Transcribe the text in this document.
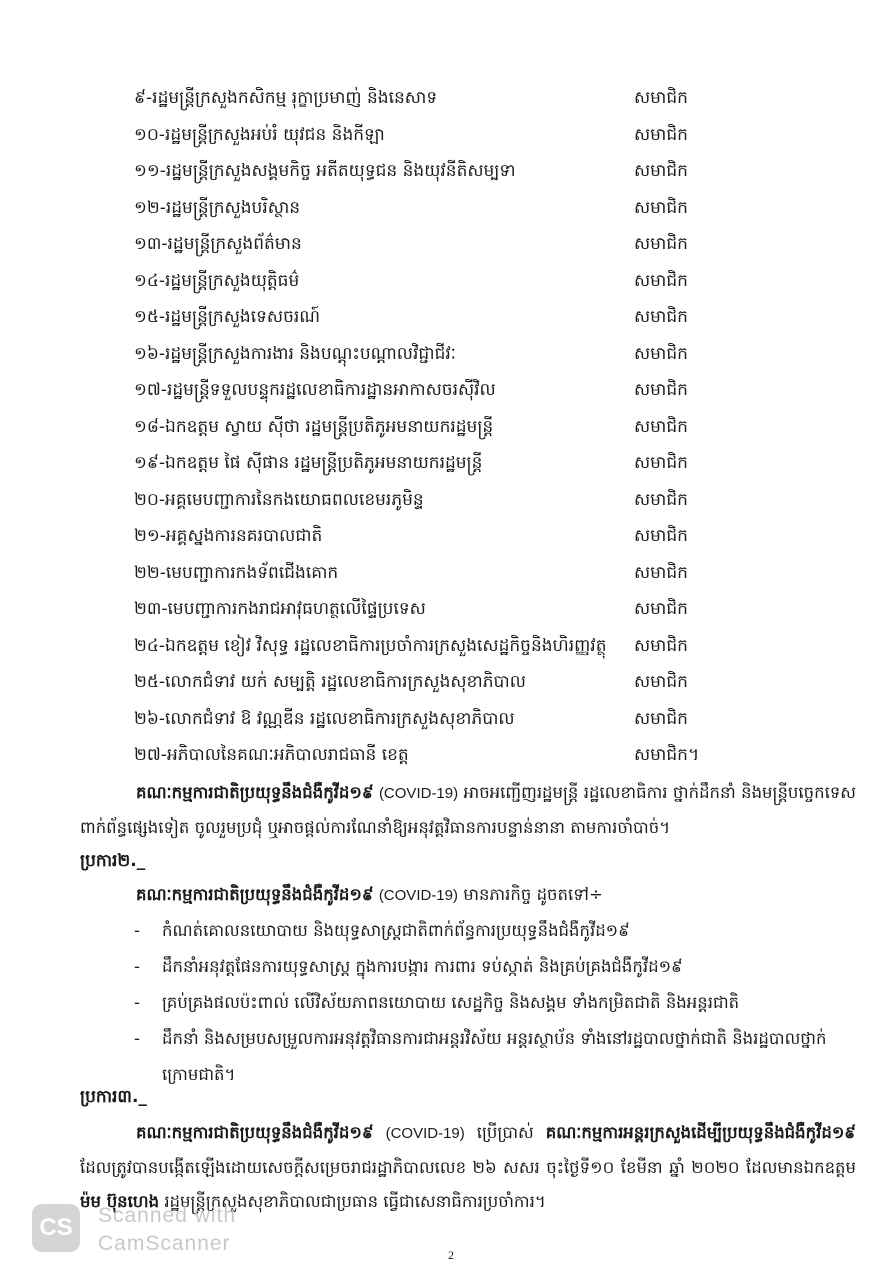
៩-រដ្ឋមន្ត្រីក្រសួងកសិកម្ម រុក្ខាប្រមាញ់ និងនេសាទ	សមាជិក
១០-រដ្ឋមន្ត្រីក្រសួងអប់រំ យុវជន និងកីឡា	សមាជិក
១១-រដ្ឋមន្ត្រីក្រសួងសង្គមកិច្ច អតីតយុទ្ធជន និងយុវនីតិសម្បទា	សមាជិក
១២-រដ្ឋមន្ត្រីក្រសួងបរិស្ថាន	សមាជិក
១៣-រដ្ឋមន្ត្រីក្រសួងព័ត៌មាន	សមាជិក
១៤-រដ្ឋមន្ត្រីក្រសួងយុត្តិធម៌	សមាជិក
១៥-រដ្ឋមន្ត្រីក្រសួងទេសចរណ៍	សមាជិក
១៦-រដ្ឋមន្ត្រីក្រសួងការងារ និងបណ្តុះបណ្តាលវិជ្ជាជីវៈ	សមាជិក
១៧-រដ្ឋមន្ត្រីទទួលបន្ទុករដ្ឋលេខាធិការដ្ឋានអាកាសចរស៊ីវិល	សមាជិក
១៨-ឯកឧត្តម ស្វាយ ស៊ីថា រដ្ឋមន្ត្រីប្រតិភូអមនាយករដ្ឋមន្ត្រី	សមាជិក
១៩-ឯកឧត្តម ផៃ ស៊ីផាន រដ្ឋមន្ត្រីប្រតិភូអមនាយករដ្ឋមន្ត្រី	សមាជិក
២០-អគ្គមេបញ្ជាការនៃកងយោធពលខេមរភូមិន្ទ	សមាជិក
២១-អគ្គស្នងការនគរបាលជាតិ	សមាជិក
២២-មេបញ្ជាការកងទ័ពជើងគោក	សមាជិក
២៣-មេបញ្ជាការកងរាជអាវុធហត្ថលើផ្ទៃប្រទេស	សមាជិក
២៤-ឯកឧត្តម ខៀវ វិសុទ្ធ រដ្ឋលេខាធិការប្រចាំការក្រសួងសេដ្ឋកិច្ចនិងហិរញ្ញវត្ថុ សមាជិក
២៥-លោកជំទាវ យក់ សម្បត្តិ រដ្ឋលេខាធិការក្រសួងសុខាភិបាល	សមាជិក
២៦-លោកជំទាវ ឱ វណ្ណឌីន រដ្ឋលេខាធិការក្រសួងសុខាភិបាល	សមាជិក
២៧-អភិបាលនៃគណៈអភិបាលរាជធានី ខេត្ត	សមាជិក។
គណៈកម្មការជាតិប្រយុទ្ធនឹងជំងឺកូវីដ១៩ (COVID-19) អាចអញ្ជើញរដ្ឋមន្ត្រី រដ្ឋលេខាធិការ ថ្នាក់ដឹកនាំ និងមន្ត្រីបច្ចេកទេសពាក់ព័ន្ធផ្សេងទៀត ចូលរួមប្រជុំ ឬអាចផ្តល់ការណែនាំឱ្យអនុវត្តវិធានការបន្ទាន់នានា តាមការចាំបាច់។
ប្រការ២._
គណៈកម្មការជាតិប្រយុទ្ធនឹងជំងឺកូវីដ១៩ (COVID-19) មានភារកិច្ច ដូចតទៅ÷
- កំណត់គោលនយោបាយ និងយុទ្ធសាស្ត្រជាតិពាក់ព័ន្ធការប្រយុទ្ធនឹងជំងឺកូវីដ១៩
- ដឹកនាំអនុវត្តផែនការយុទ្ធសាស្ត្រ ក្នុងការបង្ការ ការពារ ទប់ស្កាត់ និងគ្រប់គ្រងជំងឺកូវីដ១៩
- គ្រប់គ្រងផលប៉ះពាល់ លើវិស័យភាពនយោបាយ សេដ្ឋកិច្ច និងសង្គម ទាំងកម្រិតជាតិ និងអន្តរជាតិ
- ដឹកនាំ និងសម្របសម្រួលការអនុវត្តវិធានការជាអន្តរវិស័យ អន្តរស្ថាប័ន ទាំងនៅរដ្ឋបាលថ្នាក់ជាតិ និងរដ្ឋបាលថ្នាក់ក្រោមជាតិ។
ប្រការ៣._
គណៈកម្មការជាតិប្រយុទ្ធនឹងជំងឺកូវីដ១៩ (COVID-19) ប្រើប្រាស់ គណៈកម្មការអន្តរក្រសួងដើម្បីប្រយុទ្ធនឹងជំងឺកូវីដ១៩ ដែលត្រូវបានបង្កើតឡើងដោយសេចក្តីសម្រេចរាជរដ្ឋាភិបាលលេខ ២៦ សសរ ចុះថ្ងៃទី១០ ខែមីនា ឆ្នាំ ២០២០ ដែលមានឯកឧត្តម ម៉ម ប៊ុនហេង រដ្ឋមន្ត្រីក្រសួងសុខាភិបាលជាប្រធាន ធ្វើជាសេនាធិការប្រចាំការ។
CS	Scanned with
CamScanner	2
